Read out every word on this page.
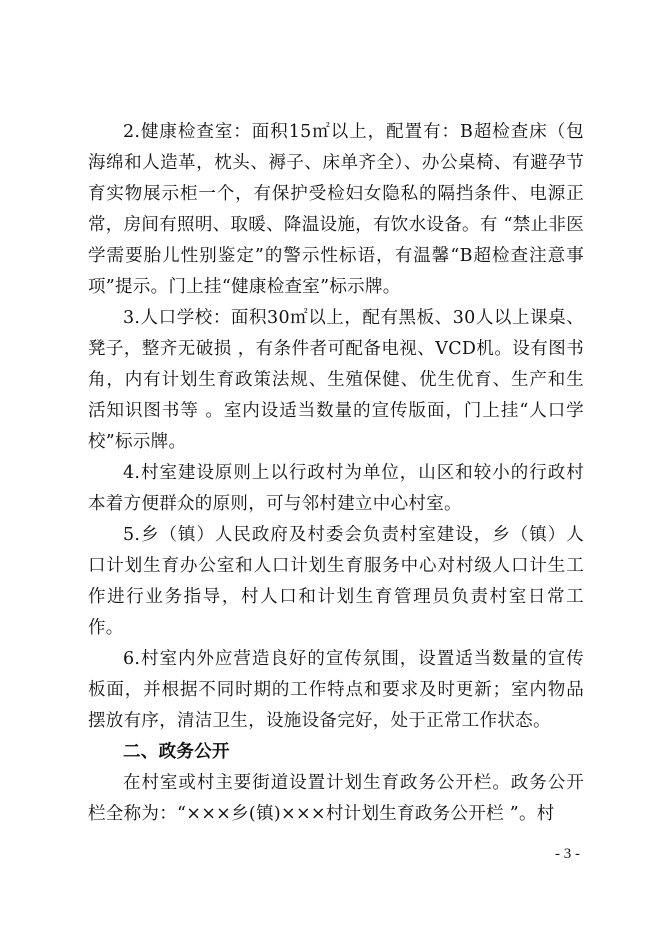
2.健康检查室：面积15㎡以上，配置有：B超检查床（包海绵和人造革，枕头、褥子、床单齐全）、办公桌椅、有避孕节育实物展示柜一个，有保护受检妇女隐私的隔挡条件、电源正常，房间有照明、取暖、降温设施，有饮水设备。有 “禁止非医学需要胎儿性别鉴定”的警示性标语，有温馨“B超检查注意事项”提示。门上挂“健康检查室”标示牌。

3.人口学校：面积30㎡以上，配有黑板、30人以上课桌、凳子，整齐无破损 ，有条件者可配备电视、VCD机。设有图书角，内有计划生育政策法规、生殖保健、优生优育、生产和生活知识图书等 。室内设适当数量的宣传版面，门上挂“人口学校”标示牌。

4.村室建设原则上以行政村为单位，山区和较小的行政村本着方便群众的原则，可与邻村建立中心村室。

5.乡（镇）人民政府及村委会负责村室建设，乡（镇）人口计划生育办公室和人口计划生育服务中心对村级人口计生工作进行业务指导，村人口和计划生育管理员负责村室日常工作。

6.村室内外应营造良好的宣传氛围，设置适当数量的宣传板面，并根据不同时期的工作特点和要求及时更新；室内物品摆放有序，清洁卫生，设施设备完好，处于正常工作状态。

二、政务公开

在村室或村主要街道设置计划生育政务公开栏。政务公开栏全称为：“×××乡(镇)×××村计划生育政务公开栏 ”。村

- 3 -
